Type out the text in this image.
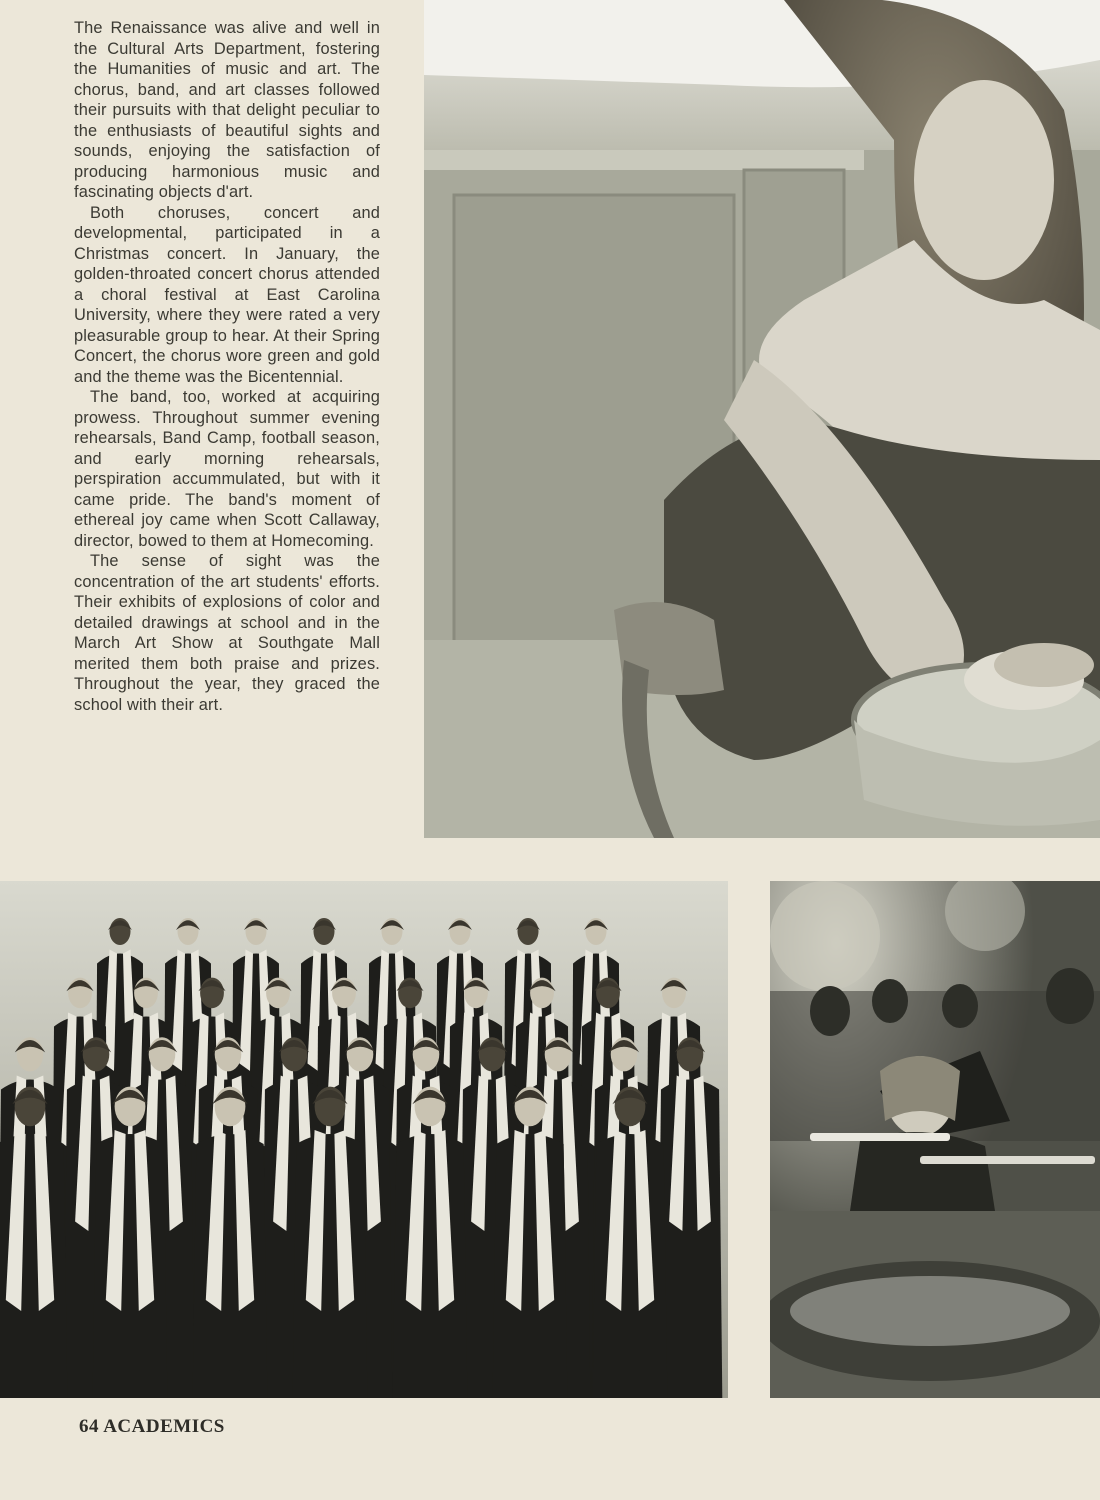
The Renaissance was alive and well in the Cultural Arts Department, fostering the Humanities of music and art. The chorus, band, and art classes followed their pursuits with that delight peculiar to the enthusiasts of beautiful sights and sounds, enjoying the satisfaction of producing harmonious music and fascinating objects d'art.

Both choruses, concert and developmental, participated in a Christmas concert. In January, the golden-throated concert chorus attended a choral festival at East Carolina University, where they were rated a very pleasurable group to hear. At their Spring Concert, the chorus wore green and gold and the theme was the Bicentennial.

The band, too, worked at acquiring prowess. Throughout summer evening rehearsals, Band Camp, football season, and early morning rehearsals, perspiration accummulated, but with it came pride. The band's moment of ethereal joy came when Scott Callaway, director, bowed to them at Homecoming.

The sense of sight was the concentration of the art students' efforts. Their exhibits of explosions of color and detailed drawings at school and in the March Art Show at Southgate Mall merited them both praise and prizes. Throughout the year, they graced the school with their art.

64 ACADEMICS
